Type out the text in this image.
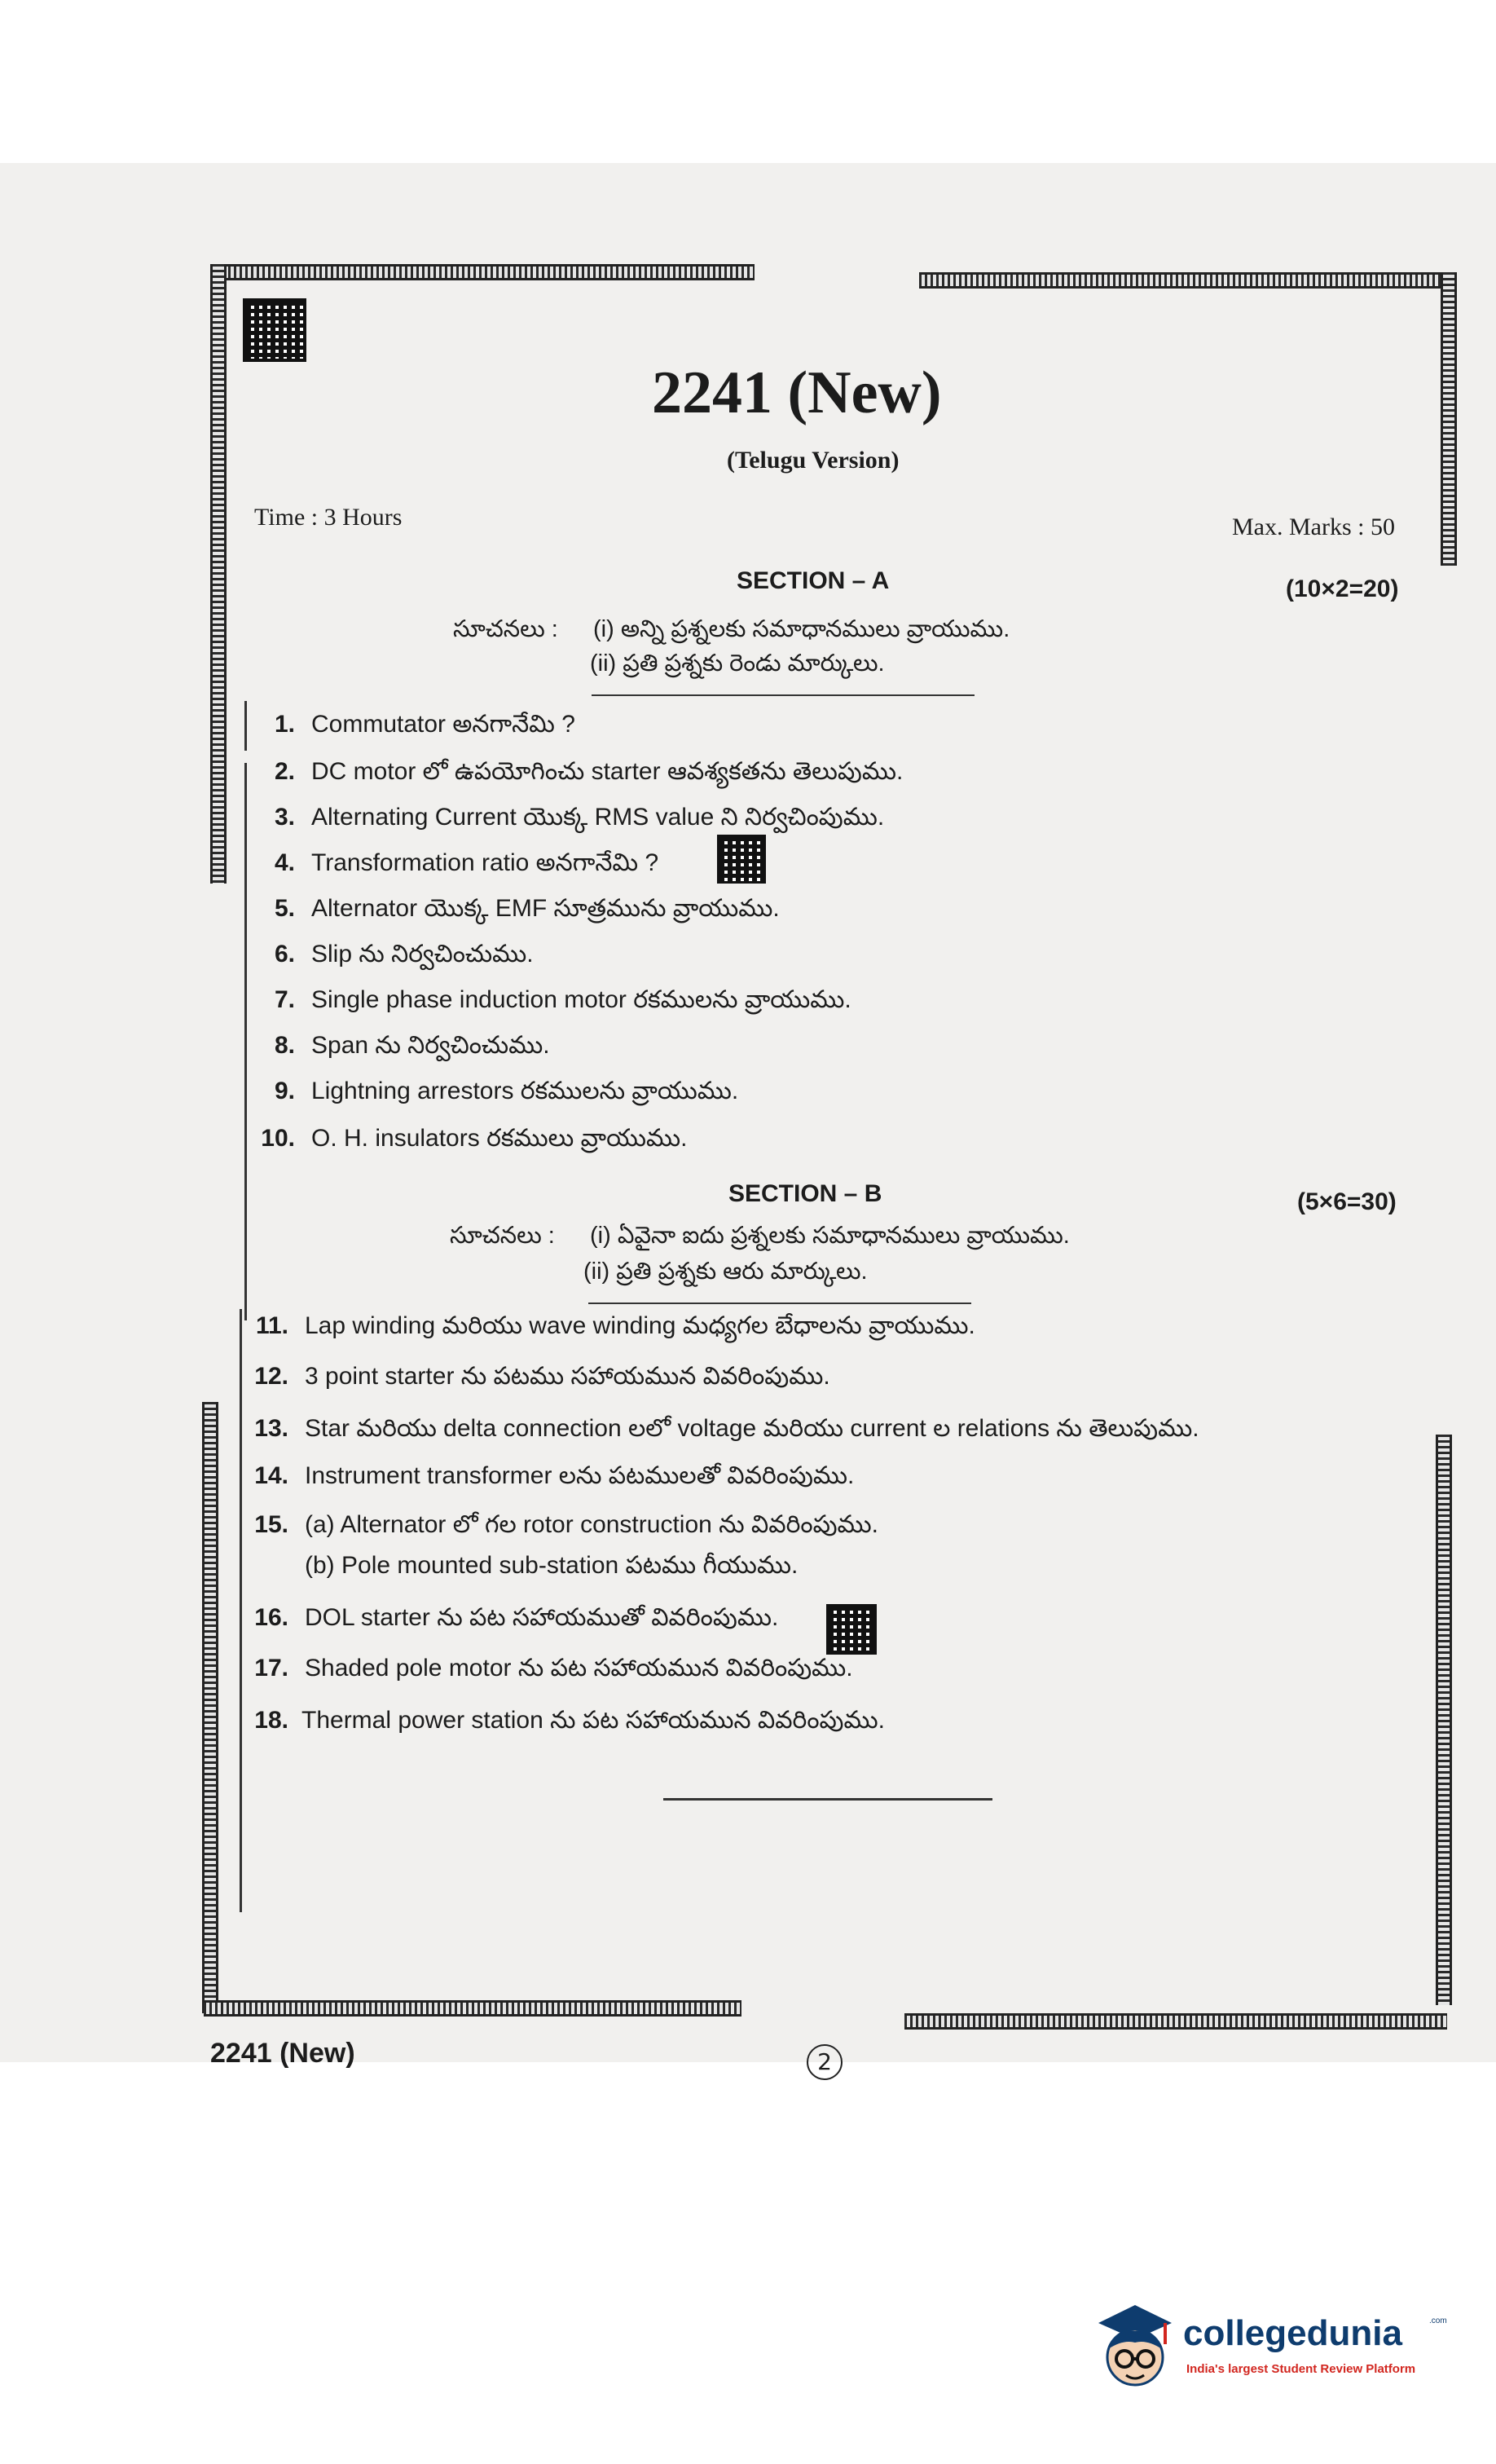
2241 (New)
(Telugu Version)
Time : 3 Hours	Max. Marks : 50
SECTION – A	(10×2=20)
సూచనలు : (i) అన్ని ప్రశ్నలకు సమాధానములు వ్రాయుము.
(ii) ప్రతి ప్రశ్నకు రెండు మార్కులు.
1. Commutator అనగానేమి ?
2. DC motor లో ఉపయోగించు starter ఆవశ్యకతను తెలుపుము.
3. Alternating Current యొక్క RMS value ని నిర్వచింపుము.
4. Transformation ratio అనగానేమి ?
5. Alternator యొక్క EMF సూత్రమును వ్రాయుము.
6. Slip ను నిర్వచించుము.
7. Single phase induction motor రకములను వ్రాయుము.
8. Span ను నిర్వచించుము.
9. Lightning arrestors రకములను వ్రాయుము.
10. O. H. insulators రకములు వ్రాయుము.
SECTION – B	(5×6=30)
సూచనలు : (i) ఏవైనా ఐదు ప్రశ్నలకు సమాధానములు వ్రాయుము.
(ii) ప్రతి ప్రశ్నకు ఆరు మార్కులు.
11. Lap winding మరియు wave winding మధ్యగల బేధాలను వ్రాయుము.
12. 3 point starter ను పటము సహాయమున వివరింపుము.
13. Star మరియు delta connection లలో voltage మరియు current ల relations ను తెలుపుము.
14. Instrument transformer లను పటములతో వివరింపుము.
15. (a) Alternator లో గల rotor construction ను వివరింపుము.
(b) Pole mounted sub-station పటము గీయుము.
16. DOL starter ను పట సహాయముతో వివరింపుము.
17. Shaded pole motor ను పట సహాయమున వివరింపుము.
18. Thermal power station ను పట సహాయమున వివరింపుము.
2241 (New)	2
collegedunia	.com
India's largest Student Review Platform
